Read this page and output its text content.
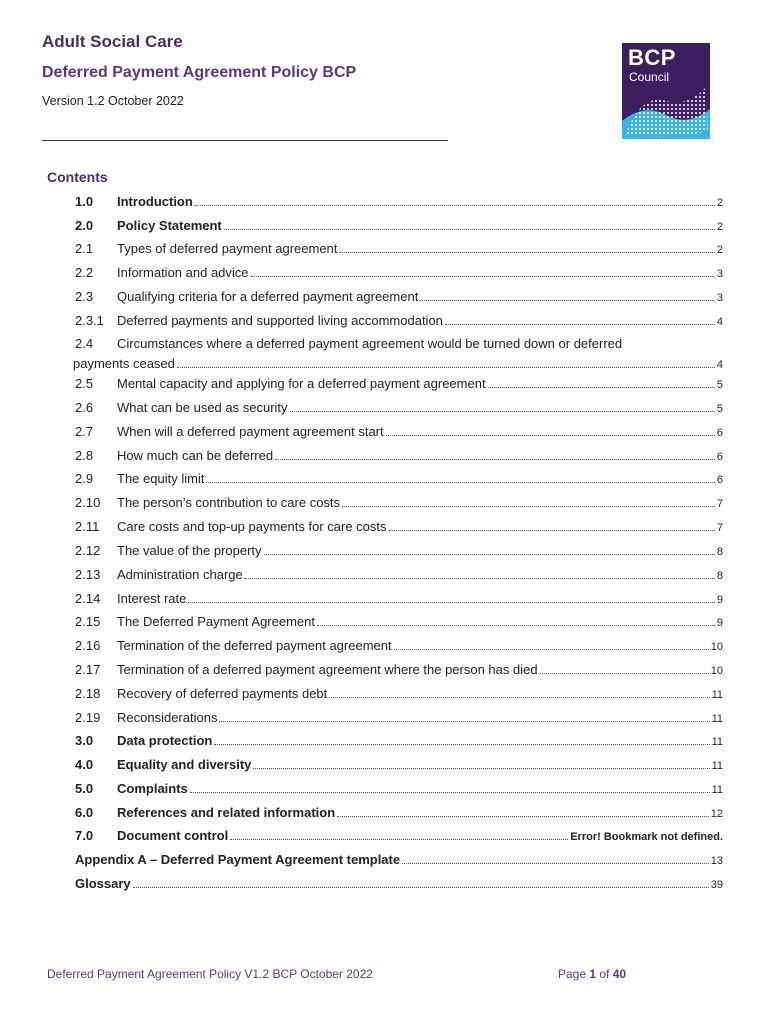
Adult Social Care
Deferred Payment Agreement Policy BCP
Version 1.2 October 2022
BCP
Council
Contents
1.0	Introduction	2
2.0	Policy Statement	2
2.1	Types of deferred payment agreement	2
2.2	Information and advice	3
2.3	Qualifying criteria for a deferred payment agreement	3
2.3.1	Deferred payments and supported living accommodation	4
2.4	Circumstances where a deferred payment agreement would be turned down or deferred
payments ceased	4
2.5	Mental capacity and applying for a deferred payment agreement	5
2.6	What can be used as security	5
2.7	When will a deferred payment agreement start	6
2.8	How much can be deferred	6
2.9	The equity limit	6
2.10	The person’s contribution to care costs	7
2.11	Care costs and top-up payments for care costs	7
2.12	The value of the property	8
2.13	Administration charge	8
2.14	Interest rate	9
2.15	The Deferred Payment Agreement	9
2.16	Termination of the deferred payment agreement	10
2.17	Termination of a deferred payment agreement where the person has died	10
2.18	Recovery of deferred payments debt	11
2.19	Reconsiderations	11
3.0	Data protection	11
4.0	Equality and diversity	11
5.0	Complaints	11
6.0	References and related information	12
7.0	Document control	Error! Bookmark not defined.
Appendix A – Deferred Payment Agreement template	13
Glossary	39
Deferred Payment Agreement Policy V1.2 BCP October 2022	Page 1 of 40
